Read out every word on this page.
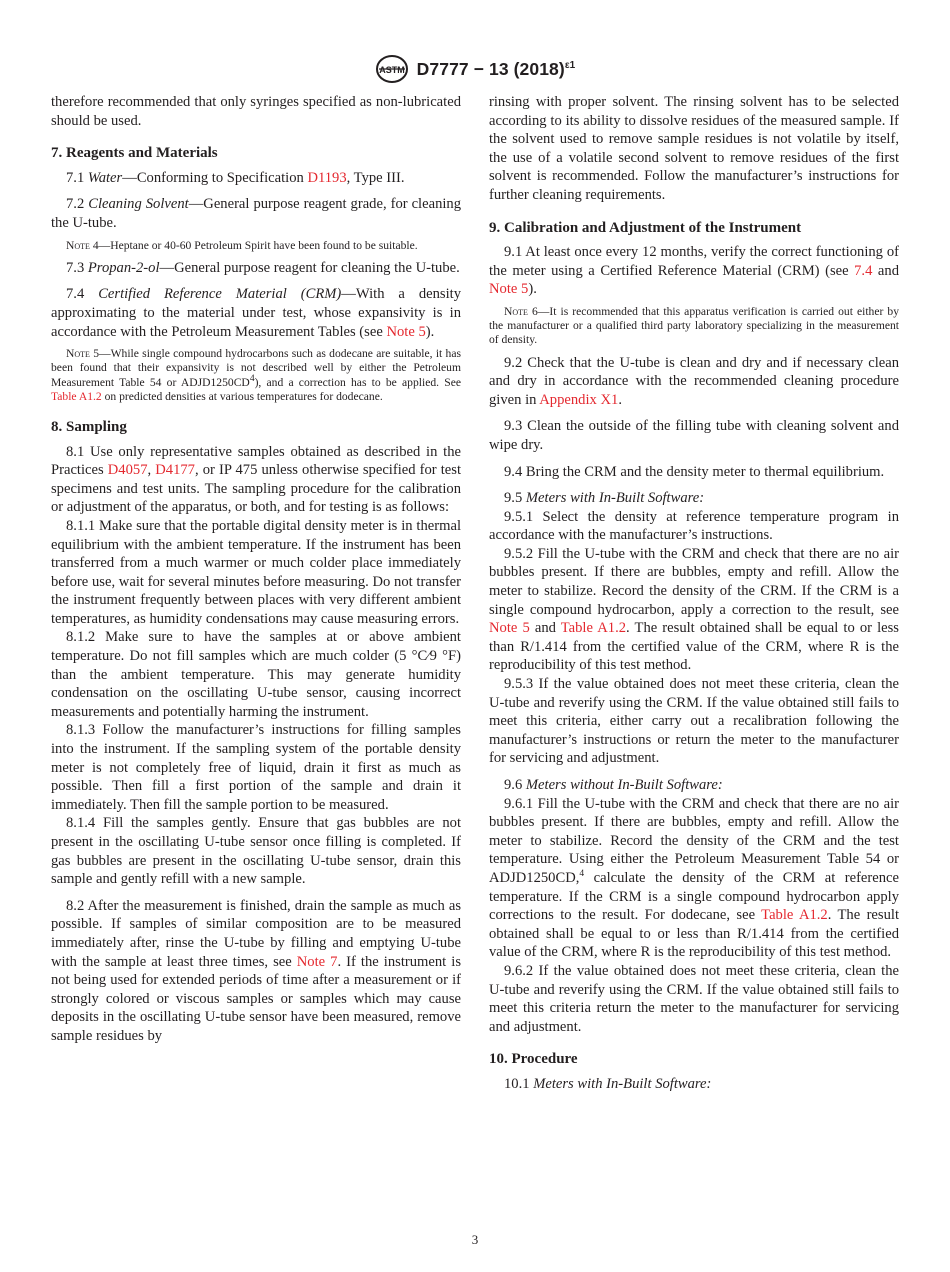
ASTM D7777 − 13 $(2018)^{\varepsilon 1}$

therefore recommended that only syringes specified as non-lubricated should be used.

7. Reagents and Materials

7.1 Water—Conforming to Specification D1193, Type III.

7.2 Cleaning Solvent—General purpose reagent grade, for cleaning the U-tube.

Note 4—Heptane or 40-60 Petroleum Spirit have been found to be suitable.

7.3 Propan-2-ol—General purpose reagent for cleaning the U-tube.

7.4 Certified Reference Material (CRM)—With a density approximating to the material under test, whose expansivity is in accordance with the Petroleum Measurement Tables (see Note 5).

Note 5—While single compound hydrocarbons such as dodecane are suitable, it has been found that their expansivity is not described well by either the Petroleum Measurement Table 54 or $ADJD1250CD^4$), and a correction has to be applied. See Table A1.2 on predicted densities at various temperatures for dodecane.

8. Sampling

8.1 Use only representative samples obtained as described in the Practices D4057, D4177, or IP 475 unless otherwise specified for test specimens and test units. The sampling procedure for the calibration or adjustment of the apparatus, or both, and for testing is as follows:

8.1.1 Make sure that the portable digital density meter is in thermal equilibrium with the ambient temperature. If the instrument has been transferred from a much warmer or much colder place immediately before use, wait for several minutes before measuring. Do not transfer the instrument frequently between places with very different ambient temperatures, as humidity condensations may cause measuring errors.

8.1.2 Make sure to have the samples at or above ambient temperature. Do not fill samples which are much colder (5 °C⁄9 °F) than the ambient temperature. This may generate humidity condensation on the oscillating U-tube sensor, causing incorrect measurements and potentially harming the instrument.

8.1.3 Follow the manufacturer’s instructions for filling samples into the instrument. If the sampling system of the portable density meter is not completely free of liquid, drain it first as much as possible. Then fill a first portion of the sample and drain it immediately. Then fill the sample portion to be measured.

8.1.4 Fill the samples gently. Ensure that gas bubbles are not present in the oscillating U-tube sensor once filling is completed. If gas bubbles are present in the oscillating U-tube sensor, drain this sample and gently refill with a new sample.

8.2 After the measurement is finished, drain the sample as much as possible. If samples of similar composition are to be measured immediately after, rinse the U-tube by filling and emptying U-tube with the sample at least three times, see Note 7. If the instrument is not being used for extended periods of time after a measurement or if strongly colored or viscous samples or samples which may cause deposits in the oscillating U-tube sensor have been measured, remove sample residues by

rinsing with proper solvent. The rinsing solvent has to be selected according to its ability to dissolve residues of the measured sample. If the solvent used to remove sample residues is not volatile by itself, the use of a volatile second solvent to remove residues of the first solvent is recommended. Follow the manufacturer’s instructions for further cleaning requirements.

9. Calibration and Adjustment of the Instrument

9.1 At least once every 12 months, verify the correct functioning of the meter using a Certified Reference Material (CRM) (see 7.4 and Note 5).

Note 6—It is recommended that this apparatus verification is carried out either by the manufacturer or a qualified third party laboratory specializing in the measurement of density.

9.2 Check that the U-tube is clean and dry and if necessary clean and dry in accordance with the recommended cleaning procedure given in Appendix X1.

9.3 Clean the outside of the filling tube with cleaning solvent and wipe dry.

9.4 Bring the CRM and the density meter to thermal equilibrium.

9.5 Meters with In-Built Software:

9.5.1 Select the density at reference temperature program in accordance with the manufacturer’s instructions.

9.5.2 Fill the U-tube with the CRM and check that there are no air bubbles present. If there are bubbles, empty and refill. Allow the meter to stabilize. Record the density of the CRM. If the CRM is a single compound hydrocarbon, apply a correction to the result, see Note 5 and Table A1.2. The result obtained shall be equal to or less than R/1.414 from the certified value of the CRM, where R is the reproducibility of this test method.

9.5.3 If the value obtained does not meet these criteria, clean the U-tube and reverify using the CRM. If the value obtained still fails to meet this criteria, either carry out a recalibration following the manufacturer’s instructions or return the meter to the manufacturer for servicing and adjustment.

9.6 Meters without In-Built Software:

9.6.1 Fill the U-tube with the CRM and check that there are no air bubbles present. If there are bubbles, empty and refill. Allow the meter to stabilize. Record the density of the CRM and the test temperature. Using either the Petroleum Measurement Table 54 or ADJD1250CD,$^4$ calculate the density of the CRM at reference temperature. If the CRM is a single compound hydrocarbon apply corrections to the result. For dodecane, see Table A1.2. The result obtained shall be equal to or less than R/1.414 from the certified value of the CRM, where R is the reproducibility of this test method.

9.6.2 If the value obtained does not meet these criteria, clean the U-tube and reverify using the CRM. If the value obtained still fails to meet this criteria return the meter to the manufacturer for servicing and adjustment.

10. Procedure

10.1 Meters with In-Built Software:

3
